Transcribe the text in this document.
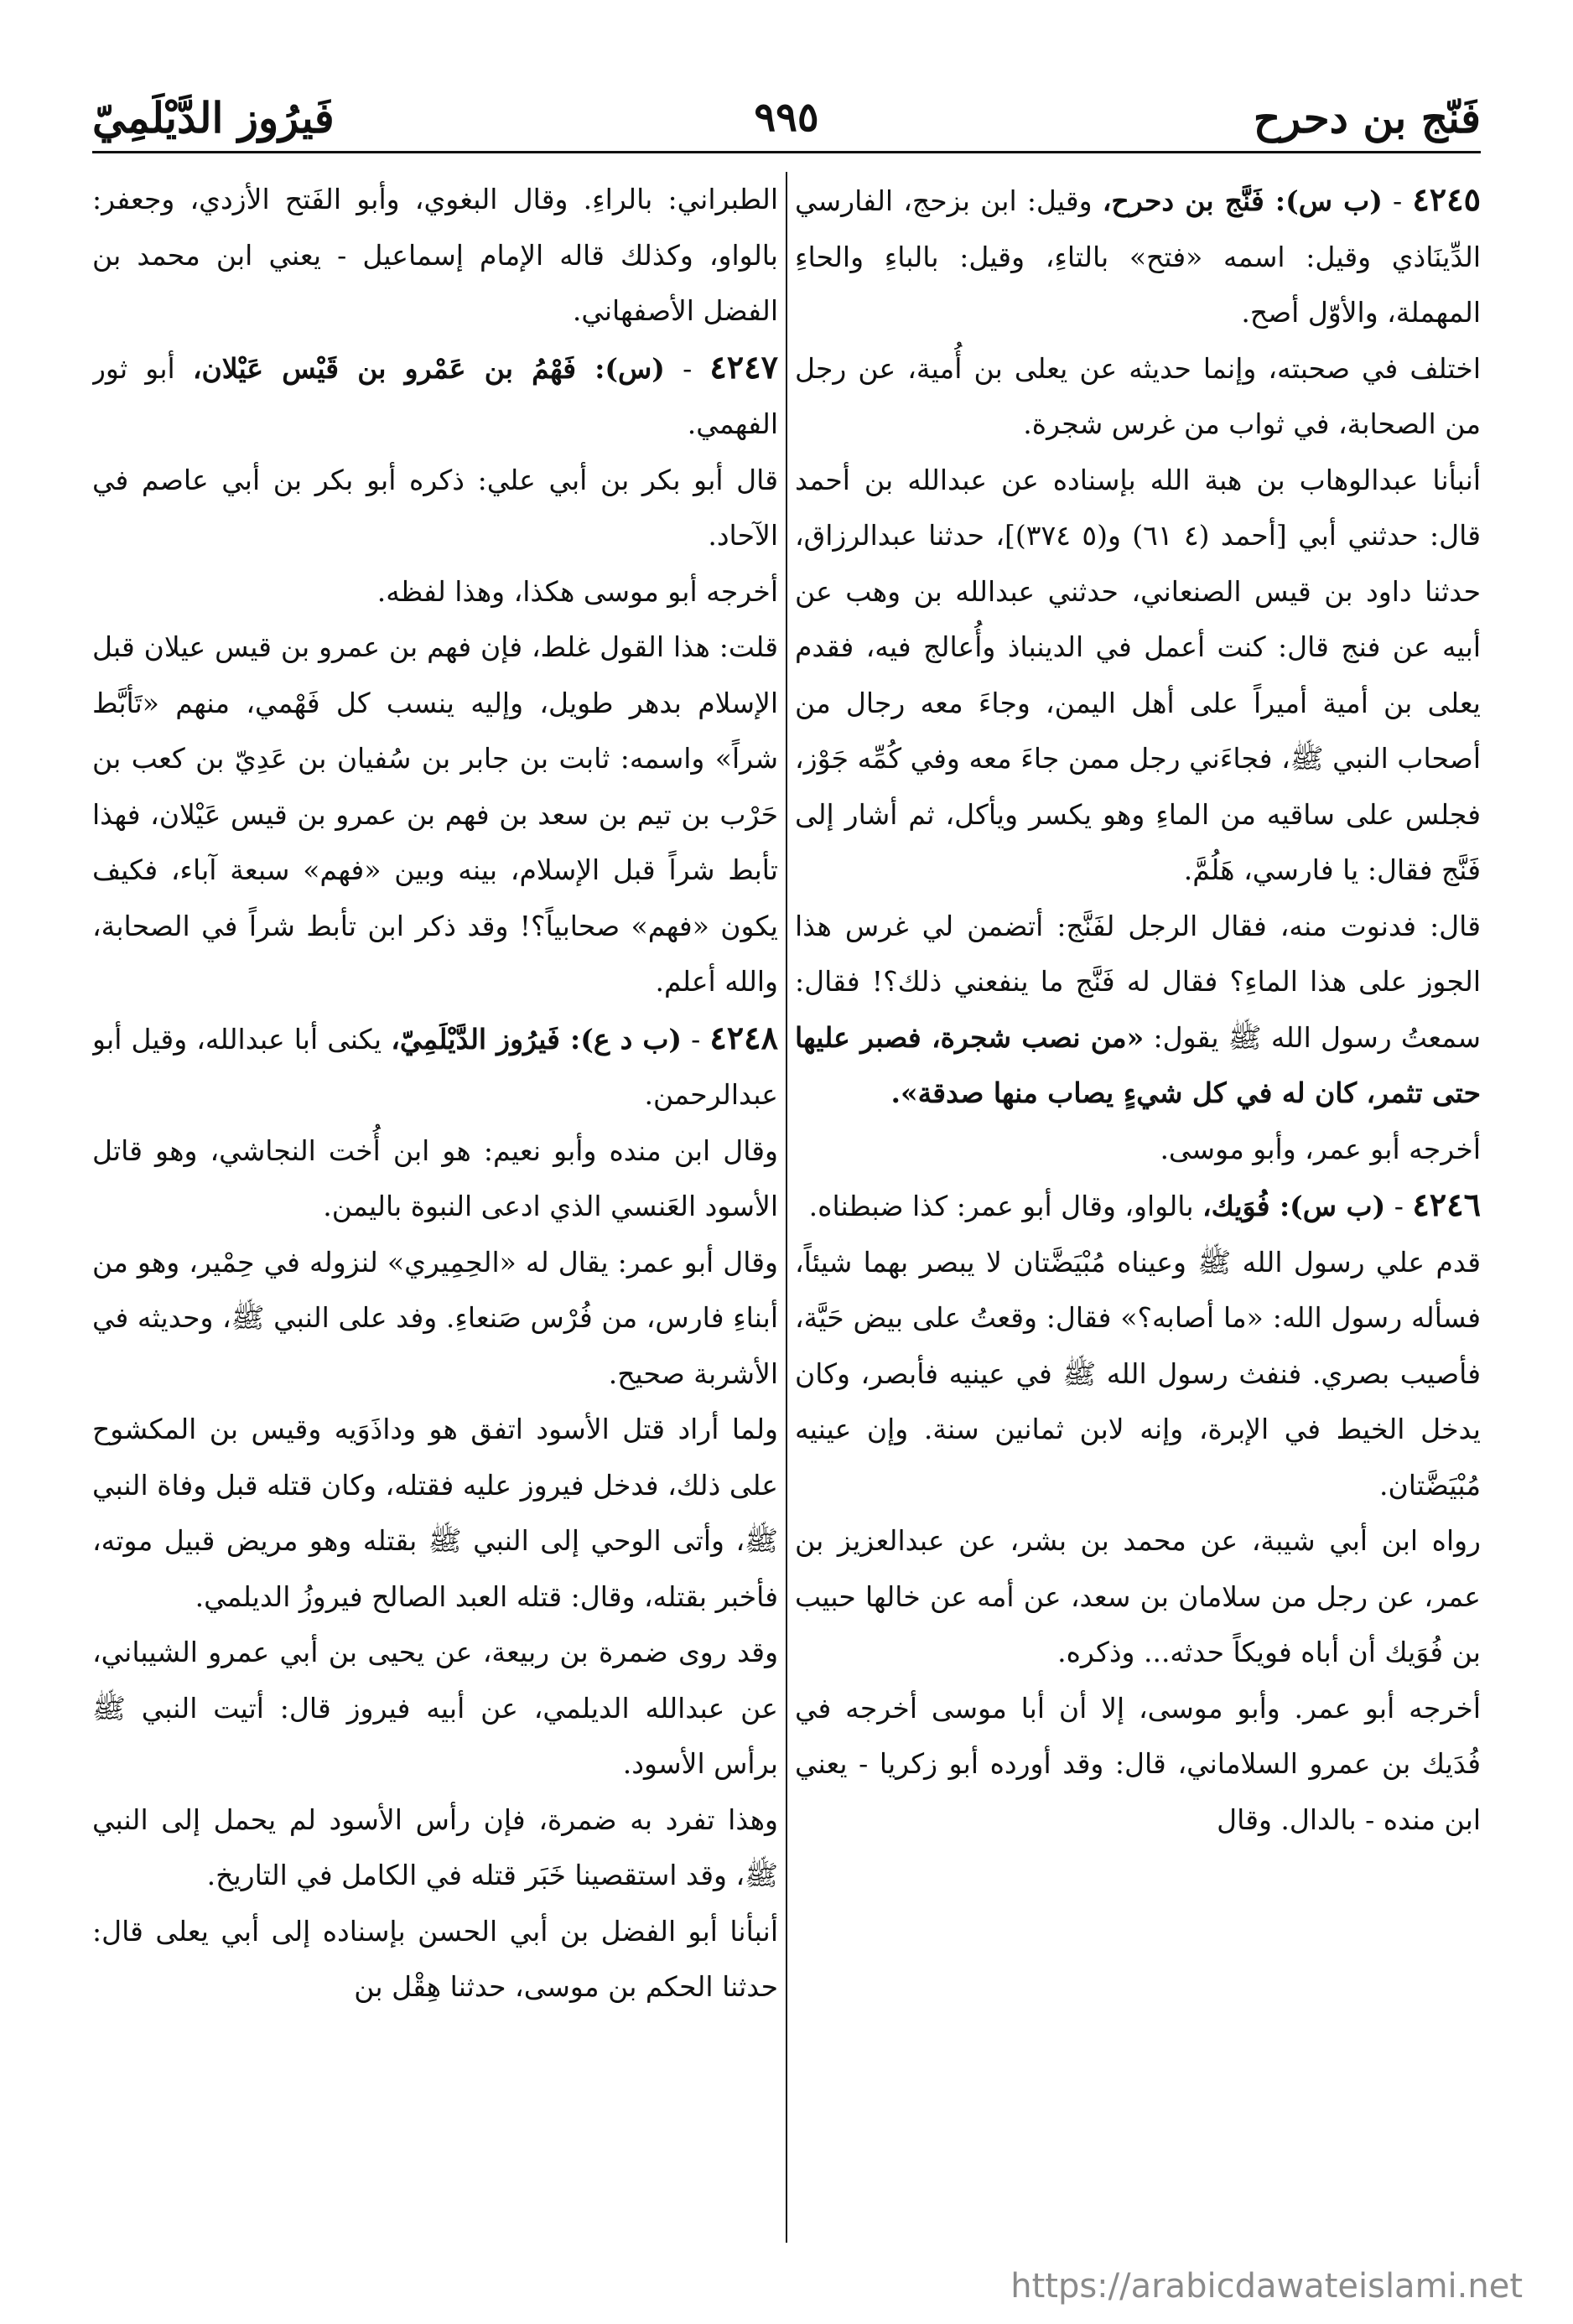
فَنّج بن دحرح
٩٩٥
فَيرُوز الدَّيْلَمِيّ

٤٢٤٥ - (ب س): فَنَّج بن دحرح، وقيل: ابن بزحج، الفارسي الدِّينَاذي وقيل: اسمه «فتح» بالتاءِ، وقيل: بالباءِ والحاءِ المهملة، والأوّل أصح.

اختلف في صحبته، وإنما حديثه عن يعلى بن أُمية، عن رجل من الصحابة، في ثواب من غرس شجرة.

أنبأنا عبدالوهاب بن هبة الله بإسناده عن عبدالله بن أحمد قال: حدثني أبي [أحمد (٤ ٦١) و(٥ ٣٧٤)]، حدثنا عبدالرزاق، حدثنا داود بن قيس الصنعاني، حدثني عبدالله بن وهب عن أبيه عن فنج قال: كنت أعمل في الدينباذ وأُعالج فيه، فقدم يعلى بن أمية أميراً على أهل اليمن، وجاءَ معه رجال من أصحاب النبي ﷺ، فجاءَني رجل ممن جاءَ معه وفي كُمِّه جَوْز، فجلس على ساقيه من الماءِ وهو يكسر ويأكل، ثم أشار إلى فَنَّج فقال: يا فارسي، هَلُمَّ.

قال: فدنوت منه، فقال الرجل لفَنَّج: أتضمن لي غرس هذا الجوز على هذا الماءِ؟ فقال له فَنَّج ما ينفعني ذلك؟! فقال: سمعتُ رسول الله ﷺ يقول: «من نصب شجرة، فصبر عليها حتى تثمر، كان له في كل شيءٍ يصاب منها صدقة».

أخرجه أبو عمر، وأبو موسى.

٤٢٤٦ - (ب س): فُوَيك، بالواو، وقال أبو عمر: كذا ضبطناه.

قدم علي رسول الله ﷺ وعيناه مُبْيَضَّتان لا يبصر بهما شيئاً، فسأله رسول الله: «ما أصابه؟» فقال: وقعتُ على بيض حَيَّة، فأصيب بصري. فنفث رسول الله ﷺ في عينيه فأبصر، وكان يدخل الخيط في الإبرة، وإنه لابن ثمانين سنة. وإن عينيه مُبْيَضَّتان.

رواه ابن أبي شيبة، عن محمد بن بشر، عن عبدالعزيز بن عمر، عن رجل من سلامان بن سعد، عن أمه عن خالها حبيب بن فُوَيك أن أباه فويكاً حدثه... وذكره.

أخرجه أبو عمر. وأبو موسى، إلا أن أبا موسى أخرجه في فُدَيك بن عمرو السلاماني، قال: وقد أورده أبو زكريا - يعني ابن منده - بالدال. وقال

الطبراني: بالراءِ. وقال البغوي، وأبو الفَتح الأزدي، وجعفر: بالواو، وكذلك قاله الإمام إسماعيل - يعني ابن محمد بن الفضل الأصفهاني.

٤٢٤٧ - (س): فَهْمُ بن عَمْرو بن قَيْس عَيْلان، أبو ثور الفهمي.

قال أبو بكر بن أبي علي: ذكره أبو بكر بن أبي عاصم في الآحاد.

أخرجه أبو موسى هكذا، وهذا لفظه.

قلت: هذا القول غلط، فإن فهم بن عمرو بن قيس عيلان قبل الإسلام بدهر طويل، وإليه ينسب كل فَهْمي، منهم «تَأبَّط شراً» واسمه: ثابت بن جابر بن سُفيان بن عَدِيّ بن كعب بن حَرْب بن تيم بن سعد بن فهم بن عمرو بن قيس عَيْلان، فهذا تأبط شراً قبل الإسلام، بينه وبين «فهم» سبعة آباء، فكيف يكون «فهم» صحابياً؟! وقد ذكر ابن تأبط شراً في الصحابة، والله أعلم.

٤٢٤٨ - (ب د ع): فَيرُوز الدَّيْلَمِيّ، يكنى أبا عبدالله، وقيل أبو عبدالرحمن.

وقال ابن منده وأبو نعيم: هو ابن أُخت النجاشي، وهو قاتل الأسود العَنسي الذي ادعى النبوة باليمن.

وقال أبو عمر: يقال له «الحِمِيري» لنزوله في حِمْير، وهو من أبناءِ فارس، من فُرْس صَنعاءِ. وفد على النبي ﷺ، وحديثه في الأشربة صحيح.

ولما أراد قتل الأسود اتفق هو وداذَوَيه وقيس بن المكشوح على ذلك، فدخل فيروز عليه فقتله، وكان قتله قبل وفاة النبي ﷺ، وأتى الوحي إلى النبي ﷺ بقتله وهو مريض قبيل موته، فأخبر بقتله، وقال: قتله العبد الصالح فيروزُ الديلمي.

وقد روى ضمرة بن ربيعة، عن يحيى بن أبي عمرو الشيباني، عن عبدالله الديلمي، عن أبيه فيروز قال: أتيت النبي ﷺ برأس الأسود.

وهذا تفرد به ضمرة، فإن رأس الأسود لم يحمل إلى النبي ﷺ، وقد استقصينا خَبَر قتله في الكامل في التاريخ.

أنبأنا أبو الفضل بن أبي الحسن بإسناده إلى أبي يعلى قال: حدثنا الحكم بن موسى، حدثنا هِقْل بن

https://arabicdawateislami.net
